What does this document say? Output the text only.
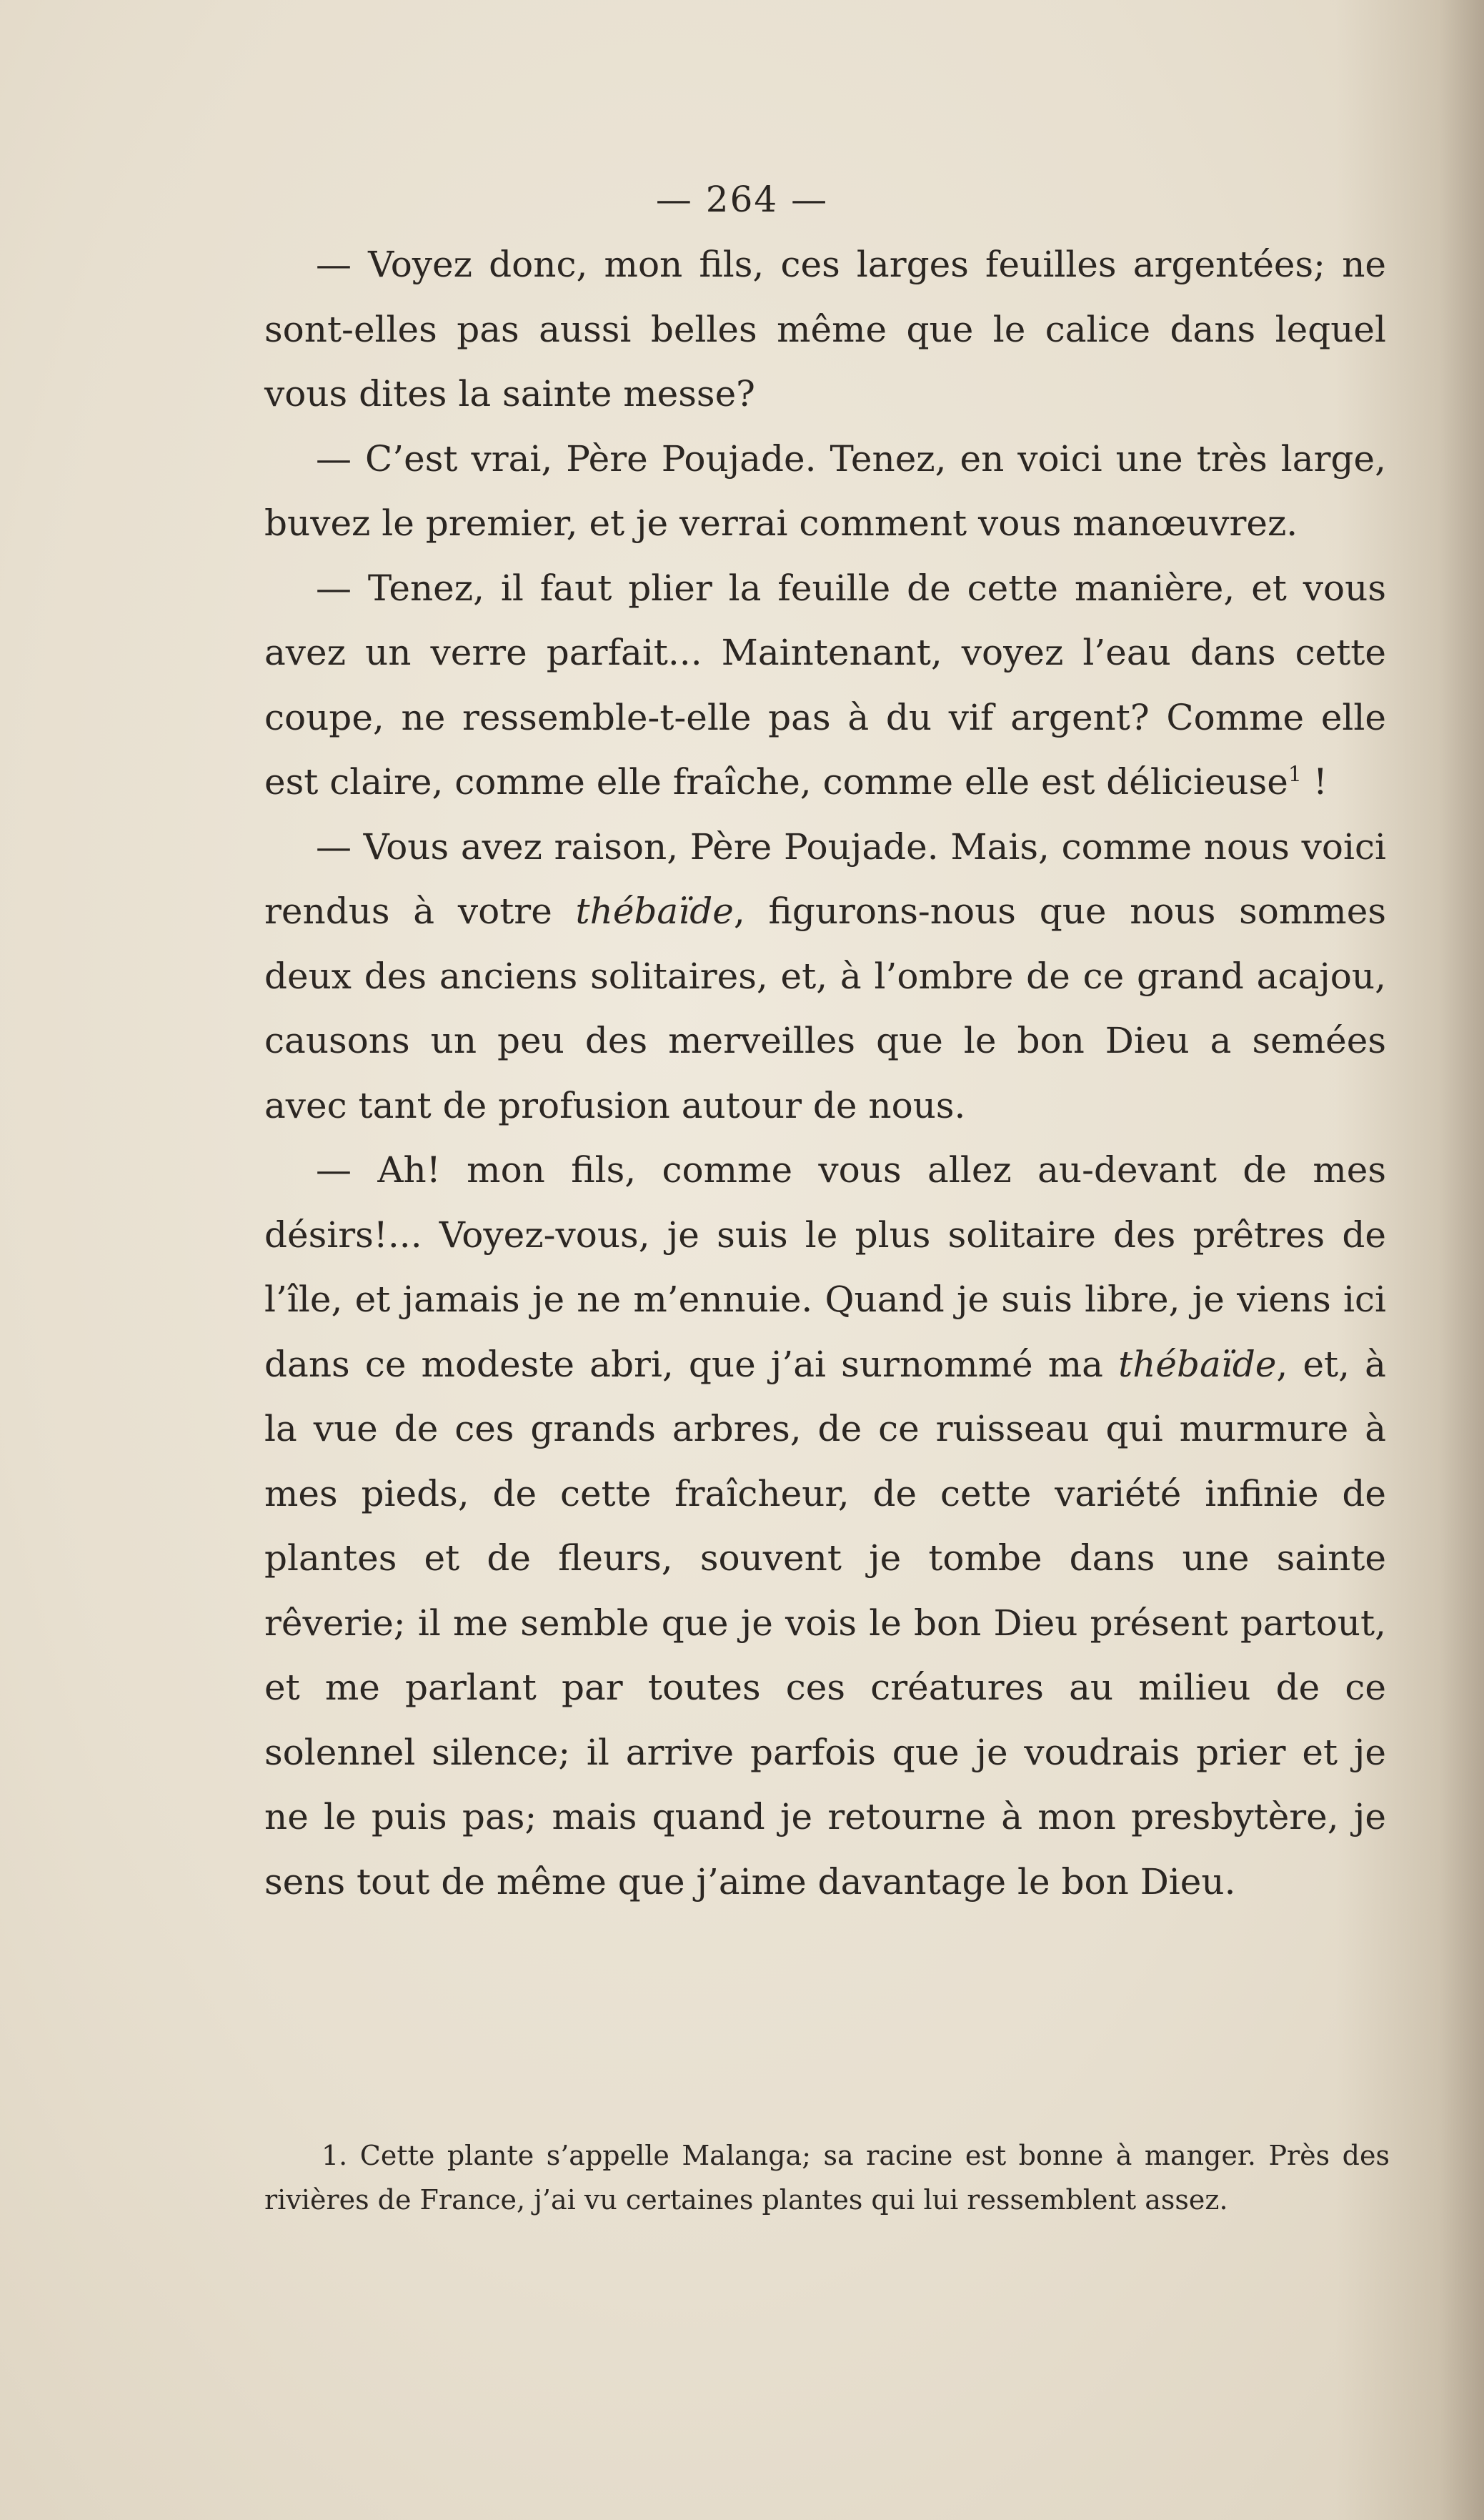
— 264 —

— Voyez donc, mon fils, ces larges feuilles argentées; ne sont-elles pas aussi belles même que le calice dans lequel vous dites la sainte messe?

— C’est vrai, Père Poujade. Tenez, en voici une très large, buvez le premier, et je verrai comment vous manœuvrez.

— Tenez, il faut plier la feuille de cette manière, et vous avez un verre parfait... Maintenant, voyez l’eau dans cette coupe, ne ressemble-t-elle pas à du vif argent? Comme elle est claire, comme elle fraîche, comme elle est délicieuse$^1$ !

— Vous avez raison, Père Poujade. Mais, comme nous voici rendus à votre thébaïde, figurons-nous que nous sommes deux des anciens solitaires, et, à l’ombre de ce grand acajou, causons un peu des merveilles que le bon Dieu a semées avec tant de profusion autour de nous.

— Ah! mon fils, comme vous allez au-devant de mes désirs!... Voyez-vous, je suis le plus solitaire des prêtres de l’île, et jamais je ne m’ennuie. Quand je suis libre, je viens ici dans ce modeste abri, que j’ai surnommé ma thébaïde, et, à la vue de ces grands arbres, de ce ruisseau qui murmure à mes pieds, de cette fraîcheur, de cette variété infinie de plantes et de fleurs, souvent je tombe dans une sainte rêverie; il me semble que je vois le bon Dieu présent partout, et me parlant par toutes ces créatures au milieu de ce solennel silence; il arrive parfois que je voudrais prier et je ne le puis pas; mais quand je retourne à mon presbytère, je sens tout de même que j’aime davantage le bon Dieu.

1. Cette plante s’appelle Malanga; sa racine est bonne à manger. Près des rivières de France, j’ai vu certaines plantes qui lui ressemblent assez.
